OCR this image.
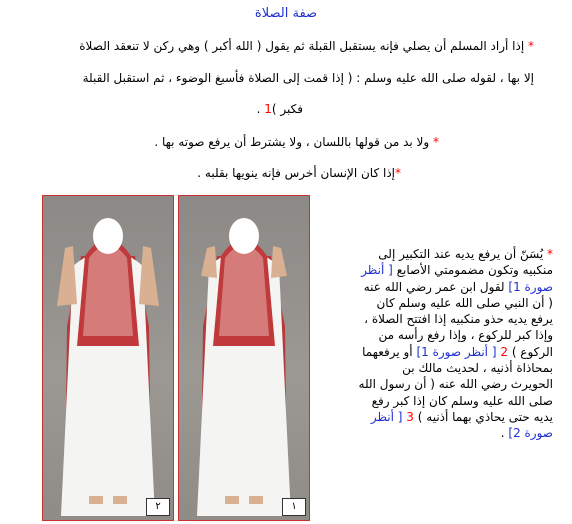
صفة الصلاة
* إذا أراد المسلم أن يصلي فإنه يستقبل القبلة ثم يقول ( الله أكبر ) وهي ركن لا تنعقد الصلاة
إلا بها ، لقوله صلى الله عليه وسلم : ( إذا قمت إلى الصلاة فأسبغ الوضوء ، ثم استقبل القبلة
فكبر )1 .
* ولا بد من قولها باللسان ، ولا يشترط أن يرفع صوته بها .
*إذا كان الإنسان أخرس فإنه ينويها بقلبه .
٢	١
* يُسَنّ أن يرفع يديه عند التكبير إلى
منكبيه وتكون مضمومتي الأصابع [ أنظر
صورة 1] لقول ابن عمر رضي الله عنه
( أن النبي صلى الله عليه وسلم كان
يرفع يديه حذو منكبيه إذا افتتح الصلاة ،
وإذا كبر للركوع ، وإذا رفع رأسه من
الركوع ) 2 [ أنظر صورة 1] أو يرفعهما
بمحاذاة أذنيه ، لحديث مالك بن
الحويرث رضي الله عنه ( أن رسول الله
صلى الله عليه وسلم كان إذا كبر رفع
يديه حتى يحاذي بهما أذنيه ) 3 [ أنظر
صورة 2] .
